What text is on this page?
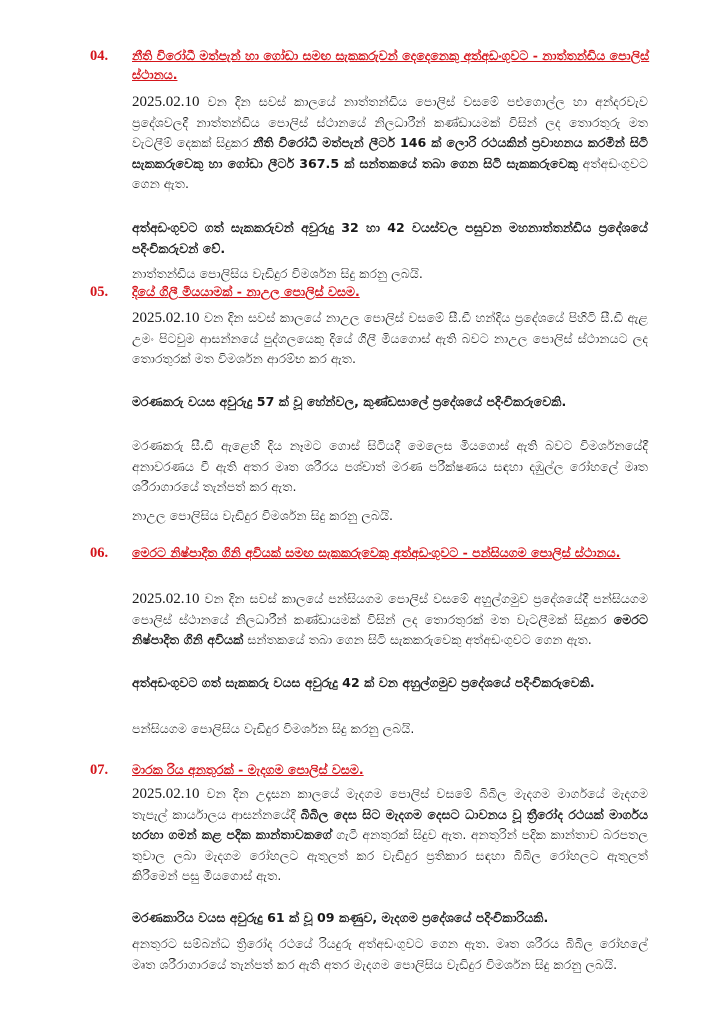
04. නීති විරෝධී මත්පැන් හා ගෝඩා සමඟ සැකකරුවන් දෙදෙනෙකු අත්අඩංගුවට - නාත්තන්ඩිය පොලිස් ස්ථානය.

2025.02.10 වන දින සවස් කාලයේ නාත්තන්ඩිය පොලිස් වසමේ පළුගොල්ල හා අන්දරවැව ප්‍රදේශවලදී නාත්තන්ඩිය පොලිස් ස්ථානයේ නිලධාරීන් කණ්ඩායමක් විසින් ලද තොරතුරු මත වැටලීම් දෙකක් සිදුකර නීති විරෝධී මත්පැන් ලීටර් 146 ක් ලොරි රථයකින් ප්‍රවාහනය කරමින් සිටි සැකකරුවෙකු හා ගෝඩා ලීටර් 367.5 ක් සන්තකයේ තබා ගෙන සිටි සැකකරුවෙකු අත්අඩංගුවට ගෙන ඇත.

අත්අඩංගුවට ගත් සැකකරුවන් අවුරුදු 32 හා 42 වයස්වල පසුවන මහනාත්තන්ඩිය ප්‍රදේශයේ පදිංචිකරුවන් වේ.

නාත්තන්ඩිය පොලිසිය වැඩිදුර විමර්ශන සිදු කරනු ලබයි.

05. දියේ ගිලී මියයාමක් - නාඋල පොලිස් වසම.

2025.02.10 වන දින සවස් කාලයේ නාඋල පොලිස් වසමේ සී.ඩී හන්දිය ප්‍රදේශයේ පිහිටි සී.ඩී ඇළ උමං පිටවුම ආසන්නයේ පුද්ගලයෙකු දියේ ගිලී මියගොස් ඇති බවට නාඋල පොලිස් ස්ථානයට ලද තොරතුරක් මත විමර්ශන ආරම්භ කර ඇත.

මරණකරු වයස අවුරුදු 57 ක් වූ හේන්වල, කුණ්ඩසාලේ ප්‍රදේශයේ පදිංචිකරුවෙකි.

මරණකරු සී.ඩී ඇළෙහි දිය නෑමට ගොස් සිටියදී මෙලෙස මියගොස් ඇති බවට විමර්ශනයේදී අනාවරණය වී ඇති අතර මෘත ශරීරය පශ්චාත් මරණ පරීක්ෂණය සඳහා දඹුල්ල රෝහලේ මෘත ශරීරාගාරයේ තැන්පත් කර ඇත.

නාඋල පොලිසිය වැඩිදුර විමර්ශන සිදු කරනු ලබයි.

06. මෙරට නිෂ්පාදිත ගිනි අවියක් සමඟ සැකකරුවෙකු අත්අඩංගුවට - පන්සියගම පොලිස් ස්ථානය.

2025.02.10 වන දින සවස් කාලයේ පන්සියගම පොලිස් වසමේ අහුල්ගමුව ප්‍රදේශයේදී පන්සියගම පොලිස් ස්ථානයේ නිලධාරීන් කණ්ඩායමක් විසින් ලද තොරතුරක් මත වැටලීමක් සිදුකර මෙරට නිෂ්පාදිත ගිනි අවියක් සන්තකයේ තබා ගෙන සිටි සැකකරුවෙකු අත්අඩංගුවට ගෙන ඇත.

අත්අඩංගුවට ගත් සැකකරු වයස අවුරුදු 42 ක් වන අහුල්ගමුව ප්‍රදේශයේ පදිංචිකරුවෙකි.

පන්සියගම පොලිසිය වැඩිදුර විමර්ශන සිදු කරනු ලබයි.

07. මාරක රිය අනතුරක් - මැදගම පොලිස් වසම.

2025.02.10 වන දින උදෑසන කාලයේ මැදගම පොලිස් වසමේ බිබිල මැදගම මාර්ගයේ මැදගම තැපැල් කාර්යාලය ආසන්නයේදී බිබිල දෙස සිට මැදගම දෙසට ධාවනය වූ ත්‍රීරෝද රථයක් මාර්ගය හරහා ගමන් කළ පදික කාන්තාවකගේ ගැටී අනතුරක් සිදුව ඇත. අනතුරින් පදික කාන්තාව බරපතල තුවාල ලබා මැදගම රෝහලට ඇතුලත් කර වැඩිදුර ප්‍රතිකාර සඳහා බිබිල රෝහලට ඇතුලත් කිරීමෙන් පසු මියගොස් ඇත.

මරණකාරිය වයස අවුරුදු 61 ක් වූ 09 කණුව, මැදගම ප්‍රදේශයේ පදිංචිකාරියකි.

අනතුරට සම්බන්ධ ත්‍රිරෝද රථයේ රියදුරු අත්අඩංගුවට ගෙන ඇත. මෘත ශරීරය බිබිල රෝහලේ මෘත ශරීරාගාරයේ තැන්පත් කර ඇති අතර මැදගම පොලිසිය වැඩිදුර විමර්ශන සිදු කරනු ලබයි.
